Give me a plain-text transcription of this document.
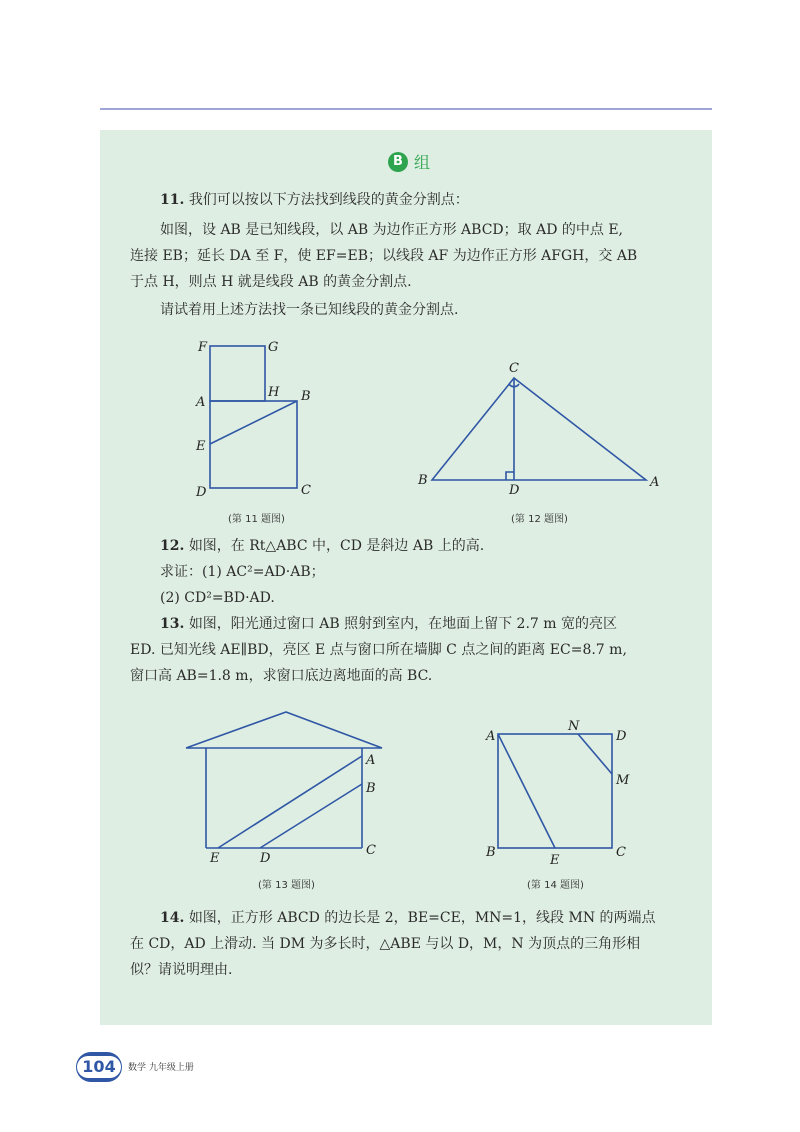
B 组
11. 我们可以按以下方法找到线段的黄金分割点：
如图，设 AB 是已知线段，以 AB 为边作正方形 ABCD；取 AD 的中点 E,
连接 EB；延长 DA 至 F，使 EF=EB；以线段 AF 为边作正方形 AFGH，交 AB
于点 H，则点 H 就是线段 AB 的黄金分割点.
请试着用上述方法找一条已知线段的黄金分割点.
F	G
A
H B
E
D	C
(第 11 题图)
C
B
D
A
(第 12 题图)
12. 如图，在 Rt△ABC 中，CD 是斜边 AB 上的高.
求证：(1) AC²=AD·AB；
(2) CD²=BD·AD.
13. 如图，阳光通过窗口 AB 照射到室内，在地面上留下 2.7 m 宽的亮区
ED. 已知光线 AE∥BD，亮区 E 点与窗口所在墙脚 C 点之间的距离 EC=8.7 m,
窗口高 AB=1.8 m，求窗口底边离地面的高 BC.
A
B
C
E	D
(第 13 题图)
A
N
D
M
B
E
C
(第 14 题图)
14. 如图，正方形 ABCD 的边长是 2，BE=CE，MN=1，线段 MN 的两端点
在 CD，AD 上滑动. 当 DM 为多长时，△ABE 与以 D，M，N 为顶点的三角形相
似？请说明理由.
104	数学 九年级上册
